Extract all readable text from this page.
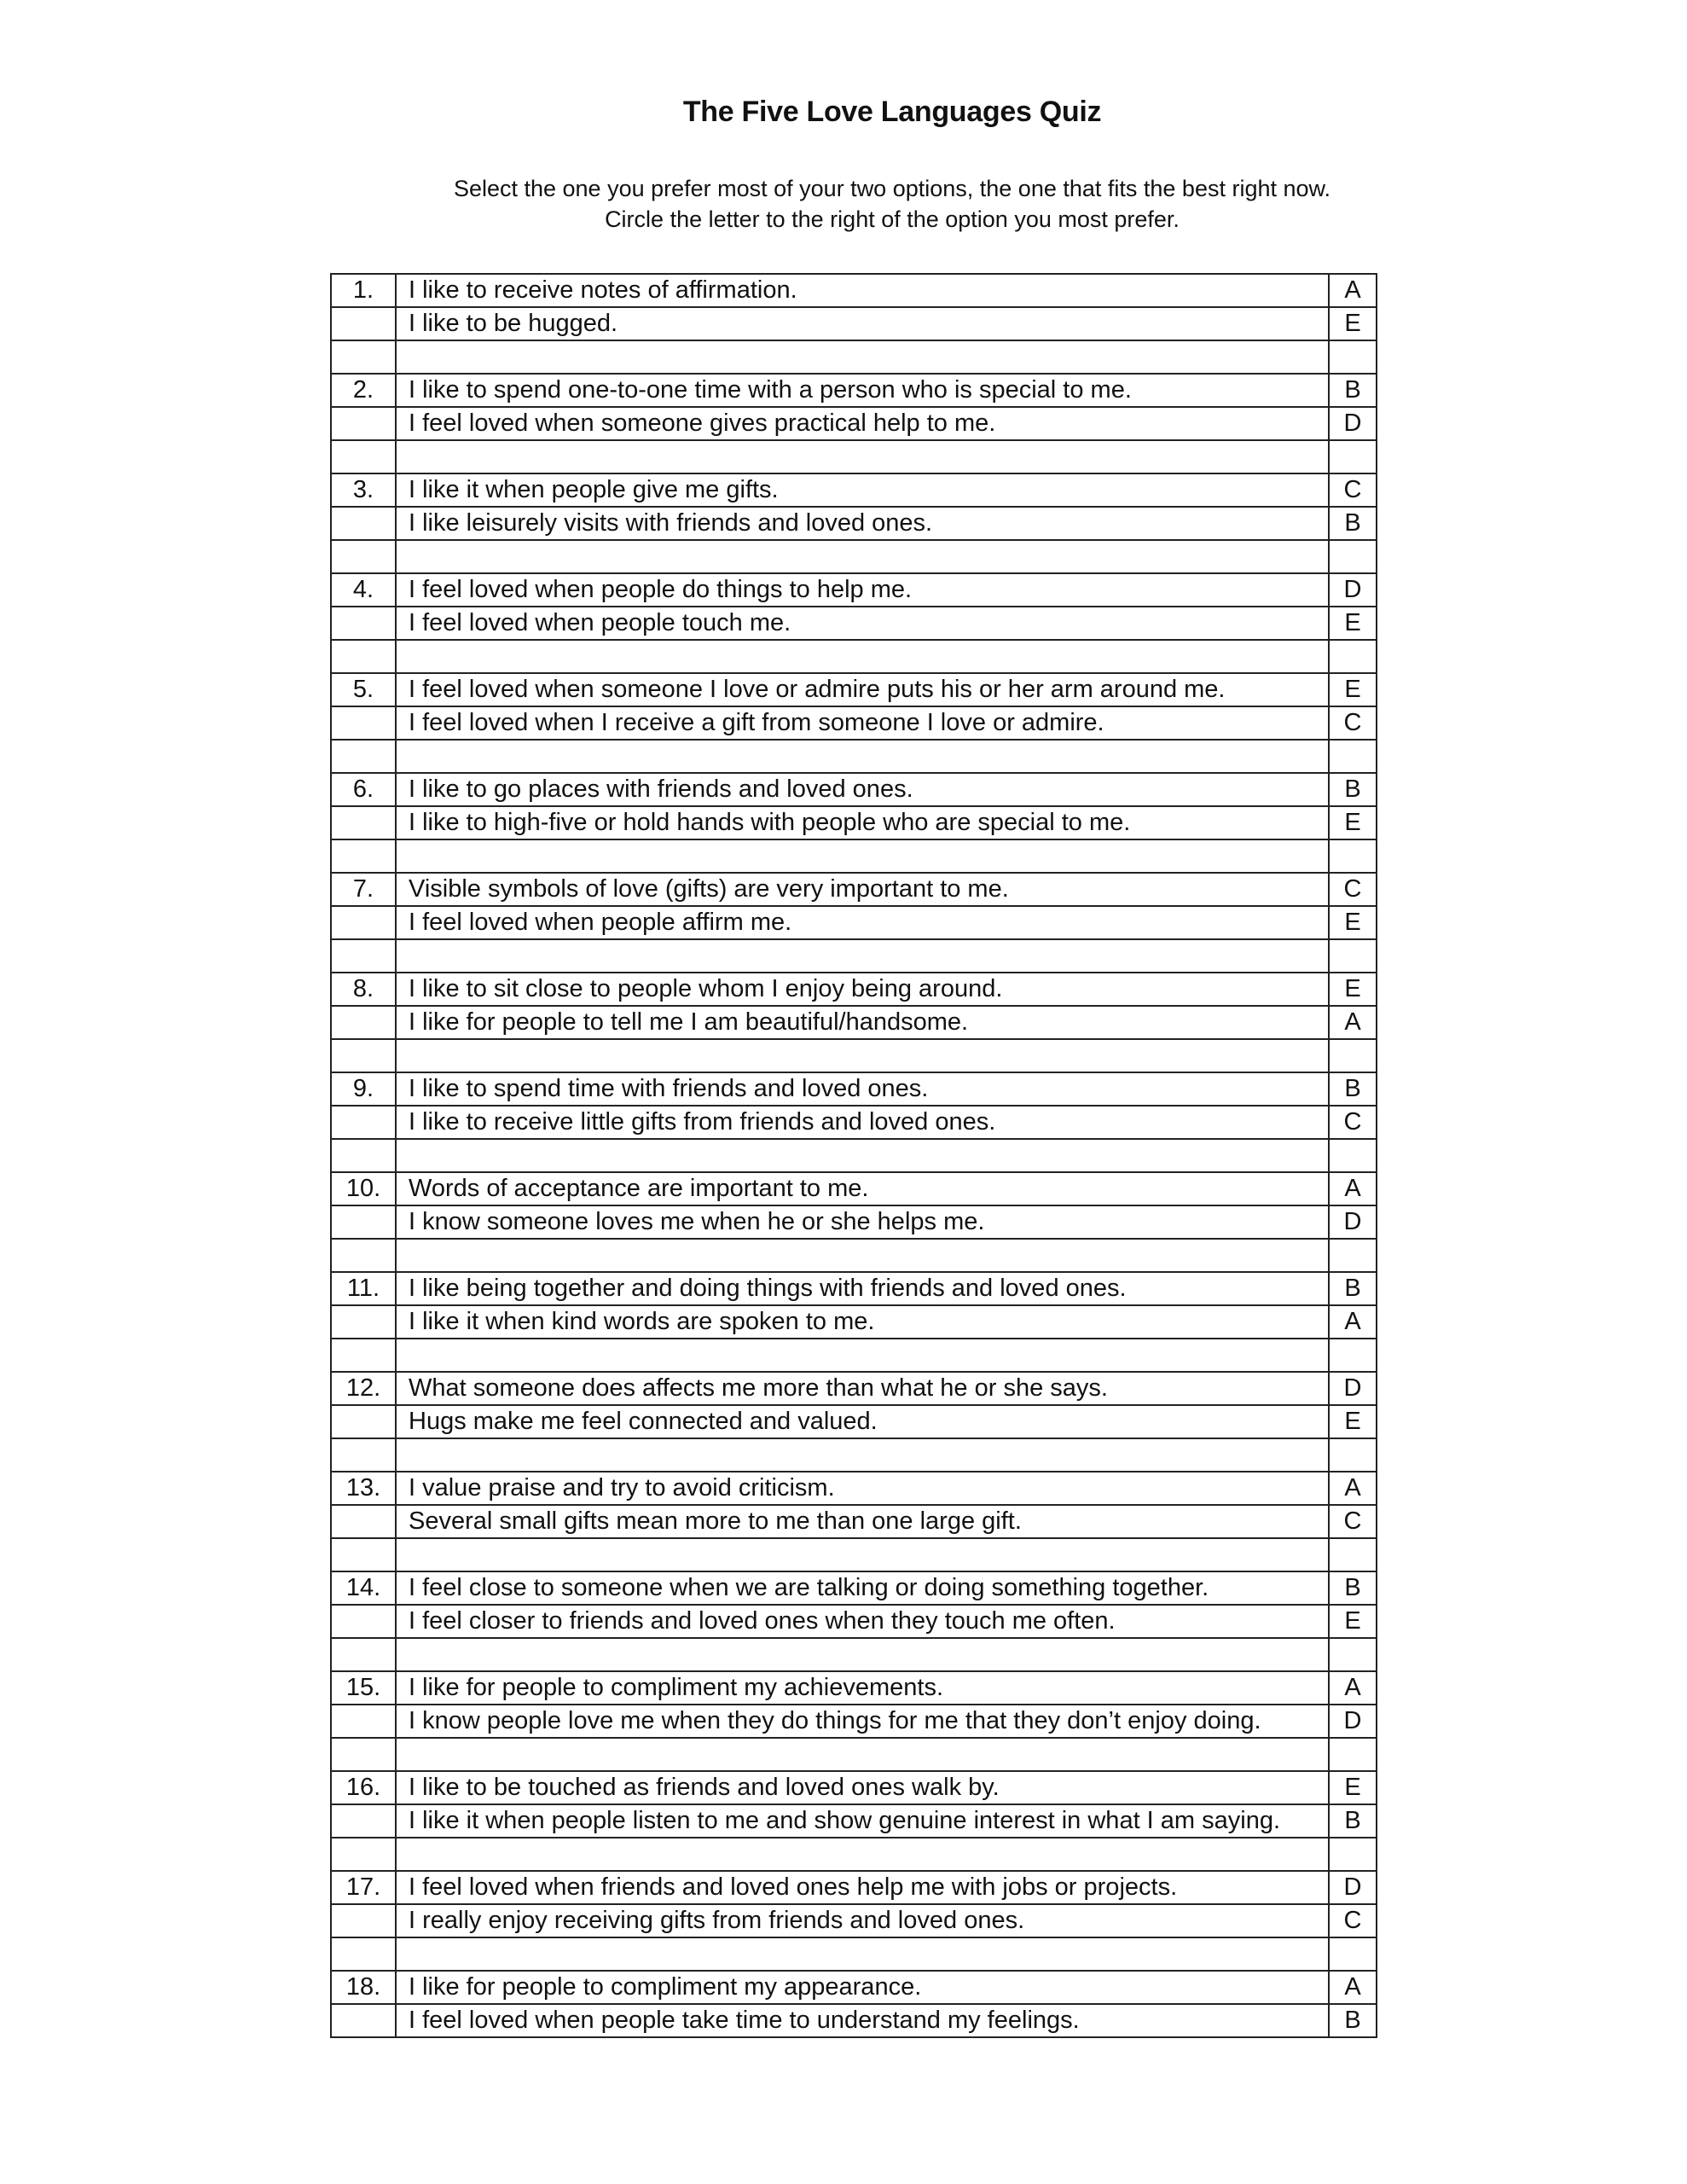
The Five Love Languages Quiz
Select the one you prefer most of your two options, the one that fits the best right now.
Circle the letter to the right of the option you most prefer.
1.	I like to receive notes of affirmation.	A
	I like to be hugged.	E

2.	I like to spend one-to-one time with a person who is special to me.	B
	I feel loved when someone gives practical help to me.	D

3.	I like it when people give me gifts.	C
	I like leisurely visits with friends and loved ones.	B

4.	I feel loved when people do things to help me.	D
	I feel loved when people touch me.	E

5.	I feel loved when someone I love or admire puts his or her arm around me.	E
	I feel loved when I receive a gift from someone I love or admire.	C

6.	I like to go places with friends and loved ones.	B
	I like to high-five or hold hands with people who are special to me.	E

7.	Visible symbols of love (gifts) are very important to me.	C
	I feel loved when people affirm me.	E

8.	I like to sit close to people whom I enjoy being around.	E
	I like for people to tell me I am beautiful/handsome.	A

9.	I like to spend time with friends and loved ones.	B
	I like to receive little gifts from friends and loved ones.	C

10.	Words of acceptance are important to me.	A
	I know someone loves me when he or she helps me.	D

11.	I like being together and doing things with friends and loved ones.	B
	I like it when kind words are spoken to me.	A

12.	What someone does affects me more than what he or she says.	D
	Hugs make me feel connected and valued.	E

13.	I value praise and try to avoid criticism.	A
	Several small gifts mean more to me than one large gift.	C

14.	I feel close to someone when we are talking or doing something together.	B
	I feel closer to friends and loved ones when they touch me often.	E

15.	I like for people to compliment my achievements.	A
	I know people love me when they do things for me that they don’t enjoy doing.	D

16.	I like to be touched as friends and loved ones walk by.	E
	I like it when people listen to me and show genuine interest in what I am saying.	B

17.	I feel loved when friends and loved ones help me with jobs or projects.	D
	I really enjoy receiving gifts from friends and loved ones.	C

18.	I like for people to compliment my appearance.	A
	I feel loved when people take time to understand my feelings.	B
